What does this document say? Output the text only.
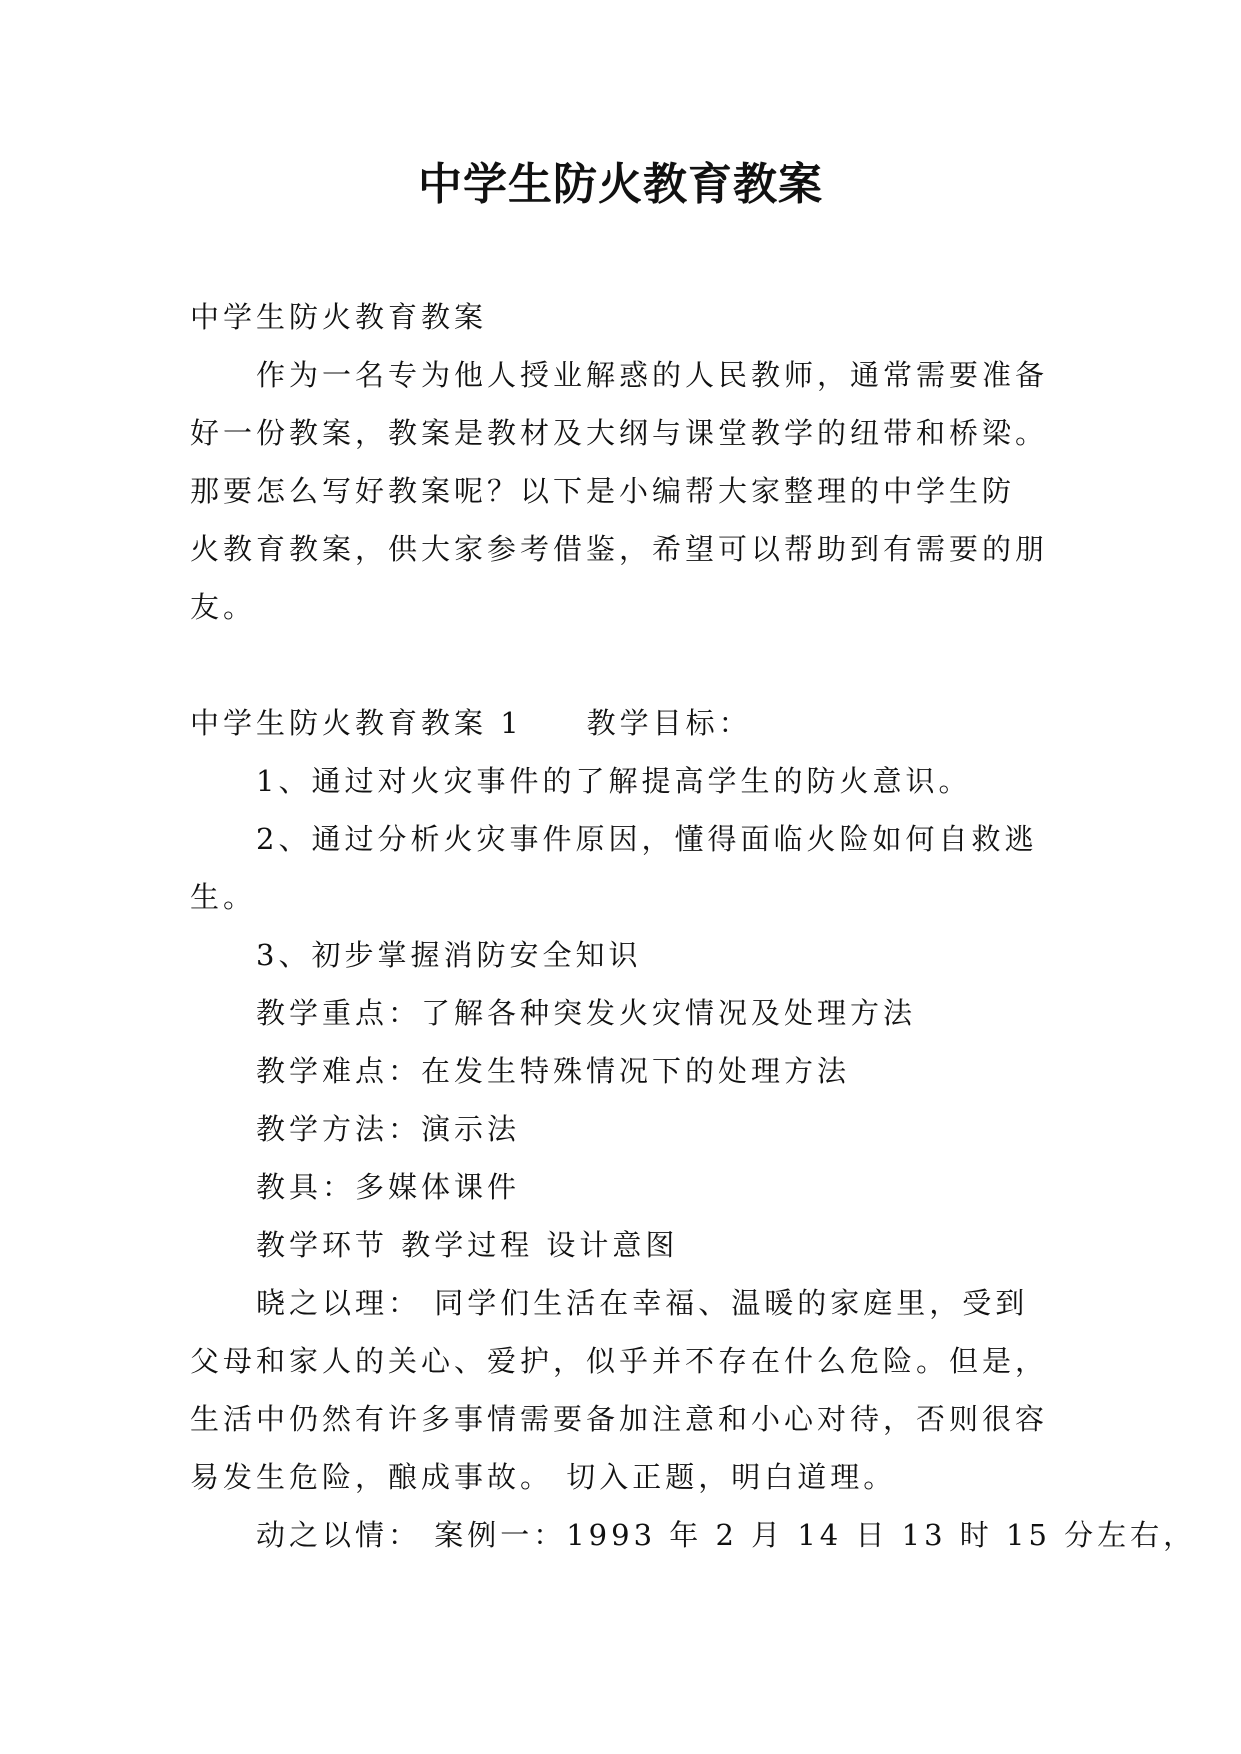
中学生防火教育教案
中学生防火教育教案
作为一名专为他人授业解惑的人民教师，通常需要准备
好一份教案，教案是教材及大纲与课堂教学的纽带和桥梁。
那要怎么写好教案呢？以下是小编帮大家整理的中学生防
火教育教案，供大家参考借鉴，希望可以帮助到有需要的朋
友。
中学生防火教育教案 1 教学目标：
1、通过对火灾事件的了解提高学生的防火意识。
2、通过分析火灾事件原因，懂得面临火险如何自救逃
生。
3、初步掌握消防安全知识
教学重点：了解各种突发火灾情况及处理方法
教学难点：在发生特殊情况下的处理方法
教学方法：演示法
教具：多媒体课件
教学环节 教学过程 设计意图
晓之以理： 同学们生活在幸福、温暖的家庭里，受到
父母和家人的关心、爱护，似乎并不存在什么危险。但是，
生活中仍然有许多事情需要备加注意和小心对待，否则很容
易发生危险，酿成事故。 切入正题，明白道理。
动之以情： 案例一：1993 年 2 月 14 日 13 时 15 分左右，
